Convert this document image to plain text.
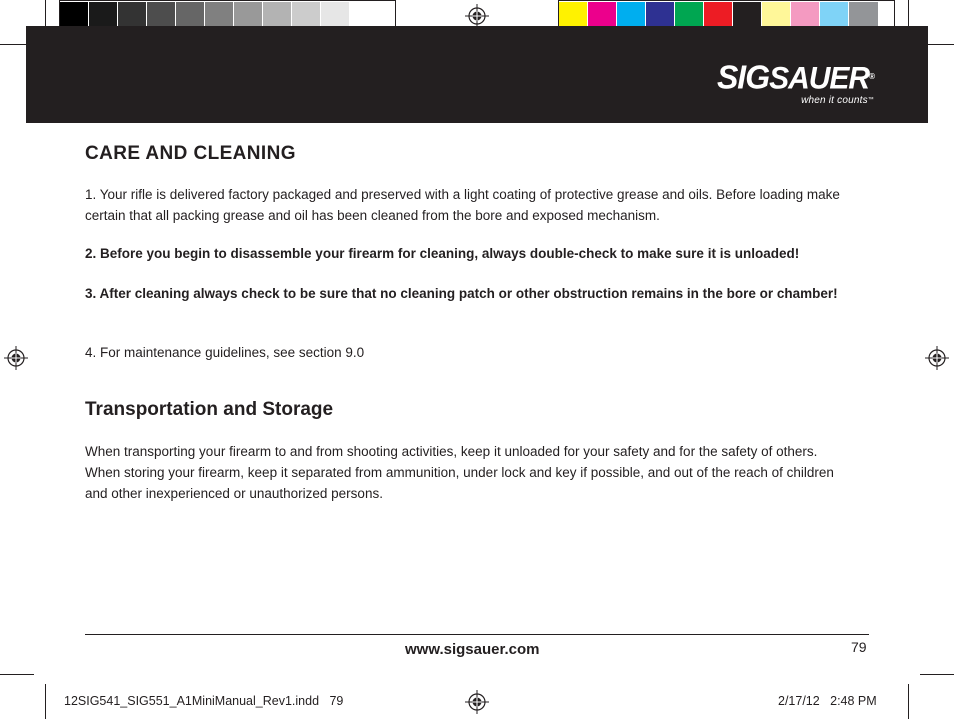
SIGSAUER®
when it counts™
CARE AND CLEANING

1. Your rifle is delivered factory packaged and preserved with a light coating of protective grease and oils. Before loading make certain that all packing grease and oil has been cleaned from the bore and exposed mechanism.

2. Before you begin to disassemble your firearm for cleaning, always double-check to make sure it is unloaded!

3. After cleaning always check to be sure that no cleaning patch or other obstruction remains in the bore or chamber!

4. For maintenance guidelines, see section 9.0

Transportation and Storage

When transporting your firearm to and from shooting activities, keep it unloaded for your safety and for the safety of others. When storing your firearm, keep it separated from ammunition, under lock and key if possible, and out of the reach of children and other inexperienced or unauthorized persons.

www.sigsauer.com	79
12SIG541_SIG551_A1MiniManual_Rev1.indd   79	2/17/12   2:48 PM
